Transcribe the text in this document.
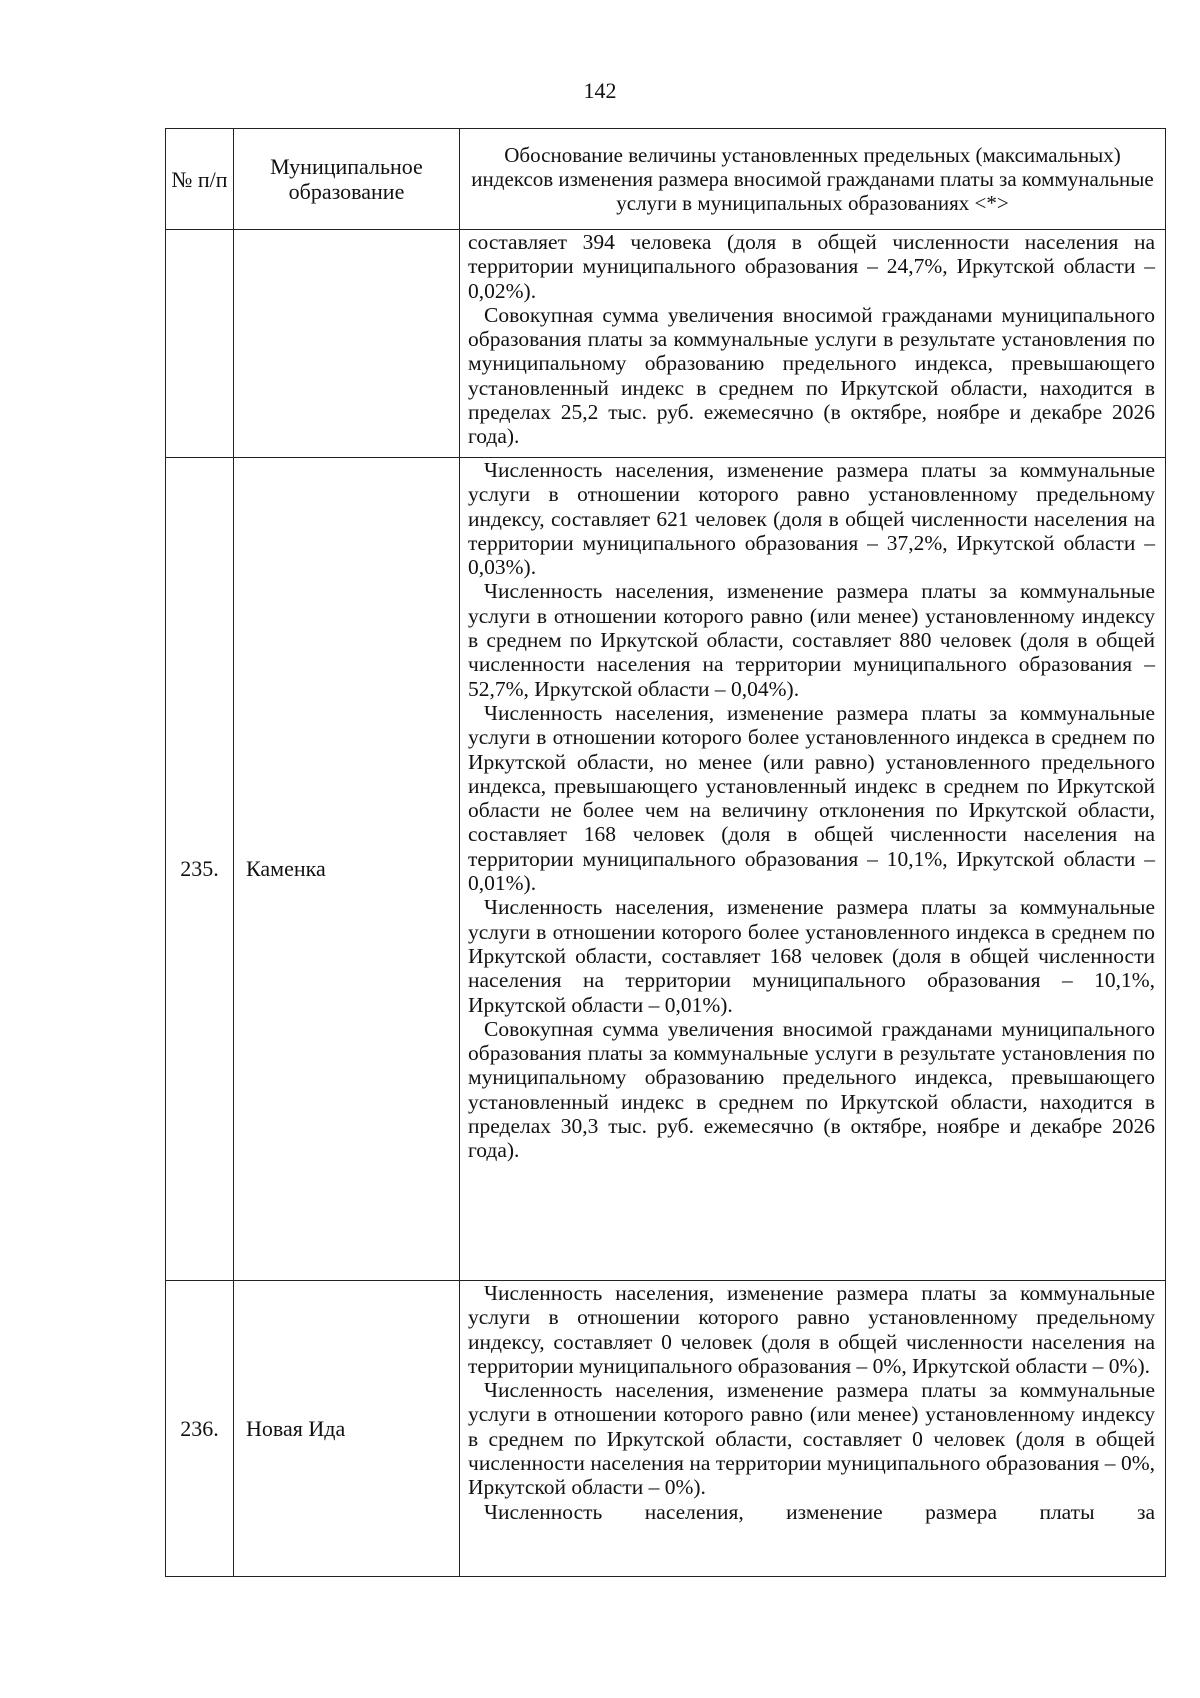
142
№ п/п	Муниципальное образование	Обоснование величины установленных предельных (максимальных) индексов изменения размера вносимой гражданами платы за коммунальные услуги в муниципальных образованиях <*>

		составляет 394 человека (доля в общей численности населения на территории муниципального образования – 24,7%, Иркутской области – 0,02%).

Совокупная сумма увеличения вносимой гражданами муниципального образования платы за коммунальные услуги в результате установления по муниципальному образованию предельного индекса, превышающего установленный индекс в среднем по Иркутской области, находится в пределах 25,2 тыс. руб. ежемесячно (в октябре, ноябре и декабре 2026 года).

235.	Каменка	Численность населения, изменение размера платы за коммунальные услуги в отношении которого равно установленному предельному индексу, составляет 621 человек (доля в общей численности населения на территории муниципального образования – 37,2%, Иркутской области – 0,03%).

Численность населения, изменение размера платы за коммунальные услуги в отношении которого равно (или менее) установленному индексу в среднем по Иркутской области, составляет 880 человек (доля в общей численности населения на территории муниципального образования – 52,7%, Иркутской области – 0,04%).

Численность населения, изменение размера платы за коммунальные услуги в отношении которого более установленного индекса в среднем по Иркутской области, но менее (или равно) установленного предельного индекса, превышающего установленный индекс в среднем по Иркутской области не более чем на величину отклонения по Иркутской области, составляет 168 человек (доля в общей численности населения на территории муниципального образования – 10,1%, Иркутской области – 0,01%).

Численность населения, изменение размера платы за коммунальные услуги в отношении которого более установленного индекса в среднем по Иркутской области, составляет 168 человек (доля в общей численности населения на территории муниципального образования – 10,1%, Иркутской области – 0,01%).

Совокупная сумма увеличения вносимой гражданами муниципального образования платы за коммунальные услуги в результате установления по муниципальному образованию предельного индекса, превышающего установленный индекс в среднем по Иркутской области, находится в пределах 30,3 тыс. руб. ежемесячно (в октябре, ноябре и декабре 2026 года).

236.	Новая Ида	Численность населения, изменение размера платы за коммунальные услуги в отношении которого равно установленному предельному индексу, составляет 0 человек (доля в общей численности населения на территории муниципального образования – 0%, Иркутской области – 0%).

Численность населения, изменение размера платы за коммунальные услуги в отношении которого равно (или менее) установленному индексу в среднем по Иркутской области, составляет 0 человек (доля в общей численности населения на территории муниципального образования – 0%, Иркутской области – 0%).

Численность населения, изменение размера платы за
